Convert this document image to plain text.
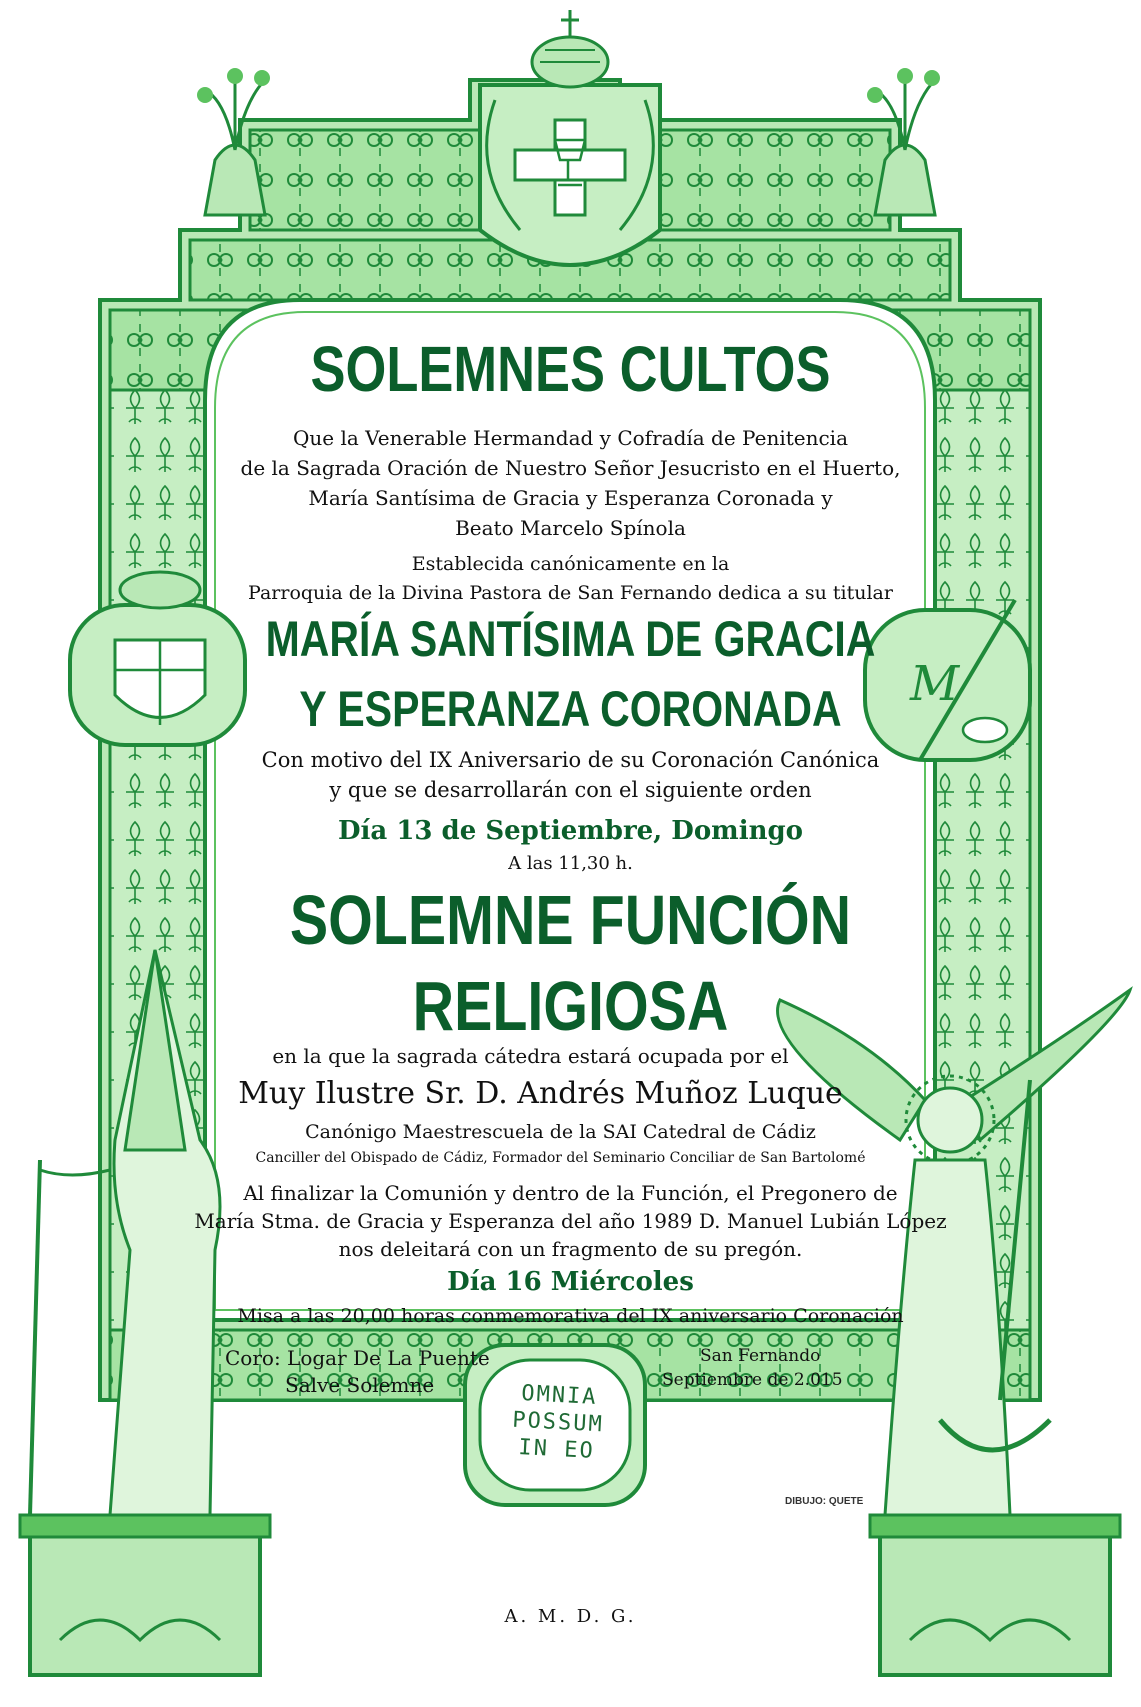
M
SOLEMNES CULTOS
Que la Venerable Hermandad y Cofradía de Penitencia
de la Sagrada Oración de Nuestro Señor Jesucristo en el Huerto,
María Santísima de Gracia y Esperanza Coronada y
Beato Marcelo Spínola
Establecida canónicamente en la
Parroquia de la Divina Pastora de San Fernando dedica a su titular
MARÍA SANTÍSIMA DE GRACIA
Y ESPERANZA CORONADA
Con motivo del IX Aniversario de su Coronación Canónica
y que se desarrollarán con el siguiente orden
Día 13 de Septiembre, Domingo
A las 11,30 h.
SOLEMNE FUNCIÓN
RELIGIOSA
en la que la sagrada cátedra estará ocupada por el
Muy Ilustre Sr. D. Andrés Muñoz Luque
Canónigo Maestrescuela de la SAI Catedral de Cádiz
Canciller del Obispado de Cádiz, Formador del Seminario Conciliar de San Bartolomé
Al finalizar la Comunión y dentro de la Función, el Pregonero de
María Stma. de Gracia y Esperanza del año 1989 D. Manuel Lubián López
nos deleitará con un fragmento de su pregón.
Día 16 Miércoles
Misa a las 20,00 horas conmemorativa del IX aniversario Coronación
Coro: Logar De La Puente
Salve Solemne
San Fernando
Septiembre de 2.015
OMNIA
POSSUM
IN EO
DIBUJO: QUETE
A. M. D. G.
